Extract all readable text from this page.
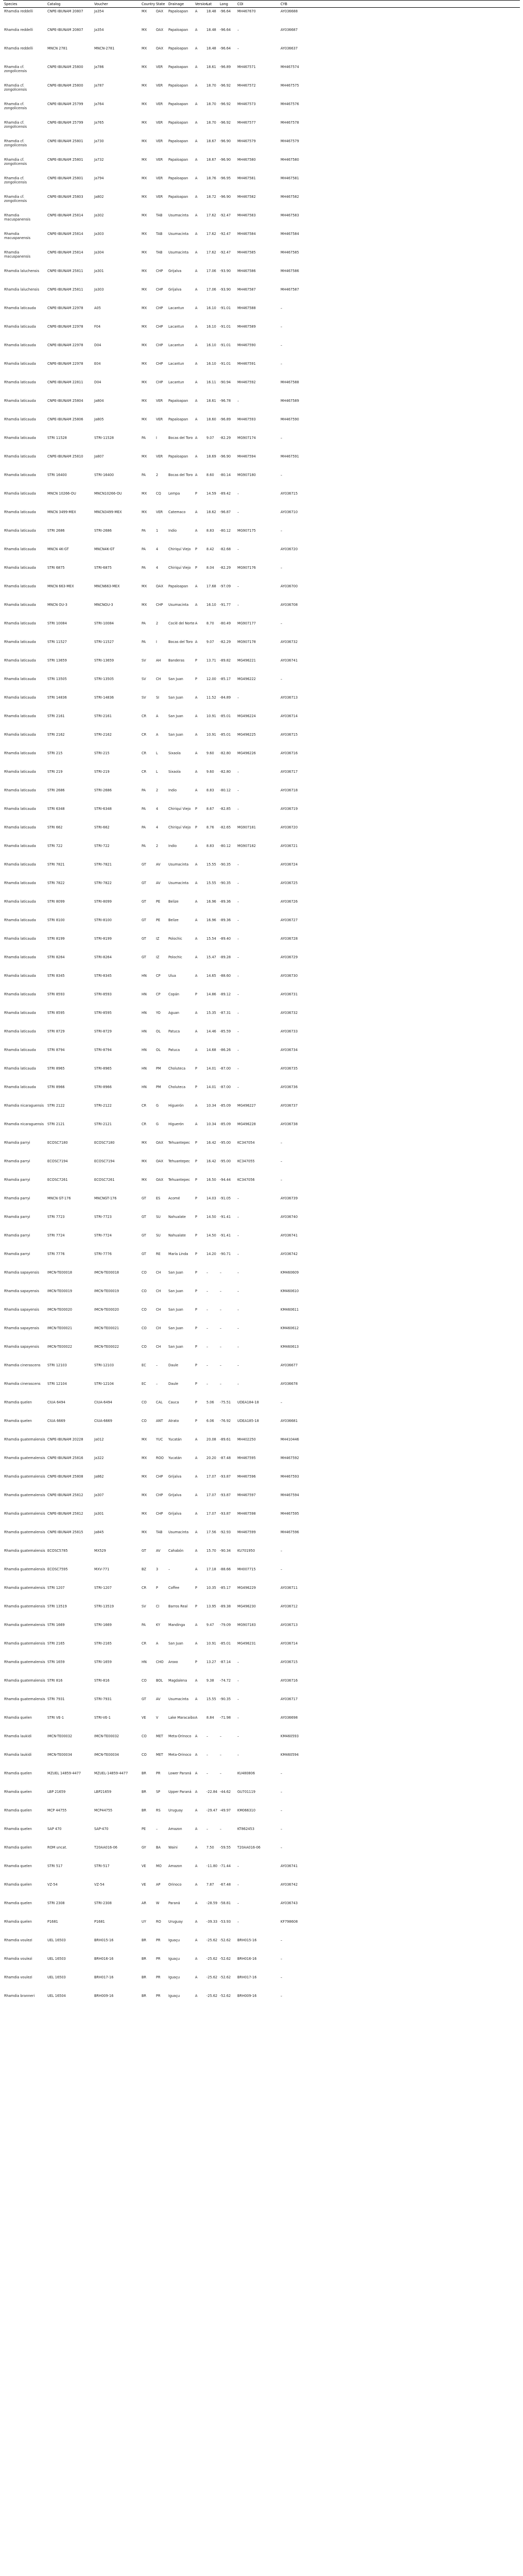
Species	Catalog	Voucher	Country	State	Drainage	Version	Lat	Long	COI	CYB
Rhamdia reddelli	CNPE-IBUNAM 20807	Ja354	MX	OAX	Papaloapan	A	18.48	-96.64	MH467670	AY036688
Rhamdia reddelli	CNPE-IBUNAM 20807	Ja354	MX	OAX	Papaloapan	A	18.48	-96.64	–	AY036687
Rhamdia reddelli	MNCN 2781	MNCN-2781	MX	OAX	Papaloapan	A	18.48	-96.64	–	AY036637
Rhamdia cf. zongolicensis	CNPE-IBUNAM 25800	Ja786	MX	VER	Papaloapan	A	18.61	-96.89	MH467571	MH467574
Rhamdia cf. zongolicensis	CNPE-IBUNAM 25800	Ja787	MX	VER	Papaloapan	A	18.70	-96.92	MH467572	MH467575
Rhamdia cf. zongolicensis	CNPE-IBUNAM 25799	Ja764	MX	VER	Papaloapan	A	18.70	-96.92	MH467573	MH467576
Rhamdia cf. zongolicensis	CNPE-IBUNAM 25799	Ja765	MX	VER	Papaloapan	A	18.70	-96.92	MH467577	MH467578
Rhamdia cf. zongolicensis	CNPE-IBUNAM 25801	Ja730	MX	VER	Papaloapan	A	18.67	-96.90	MH467579	MH467579
Rhamdia cf. zongolicensis	CNPE-IBUNAM 25801	Ja732	MX	VER	Papaloapan	A	18.67	-96.90	MH467580	MH467580
Rhamdia cf. zongolicensis	CNPE-IBUNAM 25801	Ja794	MX	VER	Papaloapan	A	18.76	-96.95	MH467581	MH467581
Rhamdia cf. zongolicensis	CNPE-IBUNAM 25803	Ja802	MX	VER	Papaloapan	A	18.72	-96.90	MH467582	MH467582
Rhamdia macuspanensis	CNPE-IBUNAM 25814	Ja302	MX	TAB	Usumacinta	A	17.62	-92.47	MH467583	MH467583
Rhamdia macuspanensis	CNPE-IBUNAM 25814	Ja303	MX	TAB	Usumacinta	A	17.62	-92.47	MH467584	MH467584
Rhamdia macuspanensis	CNPE-IBUNAM 25814	Ja304	MX	TAB	Usumacinta	A	17.62	-92.47	MH467585	MH467585
Rhamdia laluchensis	CNPE-IBUNAM 25811	Ja301	MX	CHP	Grijalva	A	17.06	-93.90	MH467586	MH467586
Rhamdia laluchensis	CNPE-IBUNAM 25811	Ja303	MX	CHP	Grijalva	A	17.06	-93.90	MH467587	MH467587
Rhamdia laticauda	CNPE-IBUNAM 22978	A05	MX	CHP	Lacantun	A	16.10	-91.01	MH467588	–
Rhamdia laticauda	CNPE-IBUNAM 22978	F04	MX	CHP	Lacantun	A	16.10	-91.01	MH467589	–
Rhamdia laticauda	CNPE-IBUNAM 22978	D04	MX	CHP	Lacantun	A	16.10	-91.01	MH467590	–
Rhamdia laticauda	CNPE-IBUNAM 22978	E04	MX	CHP	Lacantun	A	16.10	-91.01	MH467591	–
Rhamdia laticauda	CNPE-IBUNAM 22811	D04	MX	CHP	Lacantun	A	16.11	-90.94	MH467592	MH467588
Rhamdia laticauda	CNPE-IBUNAM 25804	Ja804	MX	VER	Papaloapan	A	18.61	-96.78	–	MH467589
Rhamdia laticauda	CNPE-IBUNAM 25806	Ja805	MX	VER	Papaloapan	A	18.60	-96.89	MH467593	MH467590
Rhamdia laticauda	STRI 11528	STRI-11528	PA	I	Bocas del Toro	A	9.07	-82.29	MG907174	–
Rhamdia laticauda	CNPE-IBUNAM 25810	Ja807	MX	VER	Papaloapan	A	18.69	-96.90	MH467594	MH467591
Rhamdia laticauda	STRI 16400	STRI-16400	PA	2	Bocas del Toro	A	8.60	-80.14	MG907180	–
Rhamdia laticauda	MNCN 10266-OU	MNCN10266-OU	MX	CQ	Lempa	P	14.59	-89.42	–	AY036715
Rhamdia laticauda	MNCN 3499-MEX	MNCN3499-MEX	MX	VER	Catemaco	A	18.62	-96.87	–	AY036710
Rhamdia laticauda	STRI 2686	STRI-2686	PA	1	Indio	A	8.83	-80.12	MG907175	–
Rhamdia laticauda	MNCN 4K-GT	MNCN4K-GT	PA	4	Chiriquí Viejo	P	8.42	-82.68	–	AY036720
Rhamdia laticauda	STRI 6875	STRI-6875	PA	4	Chiriquí Viejo	P	8.04	-82.29	MG907176	–
Rhamdia laticauda	MNCN 663-MEX	MNCN663-MEX	MX	OAX	Papaloapan	A	17.68	-97.09	–	AY036700
Rhamdia laticauda	MNCN OU-3	MNCNOU-3	MX	CHP	Usumacinta	A	16.10	-91.77	–	AY036708
Rhamdia laticauda	STRI 10084	STRI-10084	PA	2	Coclé del Norte	A	8.70	-80.49	MG907177	–
Rhamdia laticauda	STRI 11527	STRI-11527	PA	I	Bocas del Toro	A	9.07	-82.29	MG907178	AY036732
Rhamdia laticauda	STRI 13659	STRI-13659	SV	AH	Banderas	P	13.71	-89.82	MG496221	AY036741
Rhamdia laticauda	STRI 13505	STRI-13505	SV	CH	San Juan	P	12.00	-85.17	MG496222	–
Rhamdia laticauda	STRI 14836	STRI-14836	SV	SI	San Juan	A	11.52	-84.89	–	AY036713
Rhamdia laticauda	STRI 2161	STRI-2161	CR	A	San Juan	A	10.91	-85.01	MG496224	AY036714
Rhamdia laticauda	STRI 2162	STRI-2162	CR	A	San Juan	A	10.91	-85.01	MG496225	AY036715
Rhamdia laticauda	STRI 215	STRI-215	CR	L	Sixaola	A	9.60	-82.80	MG496226	AY036716
Rhamdia laticauda	STRI 219	STRI-219	CR	L	Sixaola	A	9.60	-82.80	–	AY036717
Rhamdia laticauda	STRI 2686	STRI-2686	PA	2	Indio	A	8.83	-80.12	–	AY036718
Rhamdia laticauda	STRI 6348	STRI-6348	PA	4	Chiriquí Viejo	P	8.67	-82.85	–	AY036719
Rhamdia laticauda	STRI 662	STRI-662	PA	4	Chiriquí Viejo	P	8.76	-82.65	MG907181	AY036720
Rhamdia laticauda	STRI 722	STRI-722	PA	2	Indio	A	8.83	-80.12	MG907182	AY036721
Rhamdia laticauda	STRI 7821	STRI-7821	GT	AV	Usumacinta	A	15.55	-90.35	–	AY036724
Rhamdia laticauda	STRI 7822	STRI-7822	GT	AV	Usumacinta	A	15.55	-90.35	–	AY036725
Rhamdia laticauda	STRI 8099	STRI-8099	GT	PE	Belize	A	16.96	-89.36	–	AY036726
Rhamdia laticauda	STRI 8100	STRI-8100	GT	PE	Belize	A	16.96	-89.36	–	AY036727
Rhamdia laticauda	STRI 8199	STRI-8199	GT	IZ	Polochic	A	15.54	-89.40	–	AY036728
Rhamdia laticauda	STRI 8264	STRI-8264	GT	IZ	Polochic	A	15.47	-89.28	–	AY036729
Rhamdia laticauda	STRI 8345	STRI-8345	HN	CP	Ulua	A	14.65	-88.60	–	AY036730
Rhamdia laticauda	STRI 8593	STRI-8593	HN	CP	Copán	P	14.86	-89.12	–	AY036731
Rhamdia laticauda	STRI 8595	STRI-8595	HN	YO	Aguan	A	15.35	-87.31	–	AY036732
Rhamdia laticauda	STRI 8729	STRI-8729	HN	OL	Patuca	A	14.46	-85.59	–	AY036733
Rhamdia laticauda	STRI 8794	STRI-8794	HN	OL	Patuca	A	14.68	-86.26	–	AY036734
Rhamdia laticauda	STRI 8965	STRI-8965	HN	PM	Choluteca	P	14.01	-87.00	–	AY036735
Rhamdia laticauda	STRI 8966	STRI-8966	HN	PM	Choluteca	P	14.01	-87.00	–	AY036736
Rhamdia nicaraguensis	STRI 2122	STRI-2122	CR	G	Higuerón	A	10.34	-85.09	MG496227	AY036737
Rhamdia nicaraguensis	STRI 2121	STRI-2121	CR	G	Higuerón	A	10.34	-85.09	MG496228	AY036738
Rhamdia parryi	ECOSC7180	ECOSC7180	MX	OAX	Tehuantepec	P	16.42	-95.00	KC347054	–
Rhamdia parryi	ECOSC7194	ECOSC7194	MX	OAX	Tehuantepec	P	16.42	-95.00	KC347055	–
Rhamdia parryi	ECOSC7261	ECOSC7261	MX	OAX	Tehuantepec	P	16.50	-94.44	KC347056	–
Rhamdia parryi	MNCN GT-176	MNCNGT-176	GT	ES	Acomé	P	14.03	-91.05	–	AY036739
Rhamdia parryi	STRI 7723	STRI-7723	GT	SU	Nahualate	P	14.50	-91.41	–	AY036740
Rhamdia parryi	STRI 7724	STRI-7724	GT	SU	Nahualate	P	14.50	-91.41	–	AY036741
Rhamdia parryi	STRI 7776	STRI-7776	GT	RE	María Linda	P	14.20	-90.71	–	AY036742
Rhamdia sapayensis	IMCN-TE00018	IMCN-TE00018	CO	CH	San Juan	P	–	–	–	KM460609
Rhamdia sapayensis	IMCN-TE00019	IMCN-TE00019	CO	CH	San Juan	P	–	–	–	KM460610
Rhamdia sapayensis	IMCN-TE00020	IMCN-TE00020	CO	CH	San Juan	P	–	–	–	KM460611
Rhamdia sapayensis	IMCN-TE00021	IMCN-TE00021	CO	CH	San Juan	P	–	–	–	KM460612
Rhamdia sapayensis	IMCN-TE00022	IMCN-TE00022	CO	CH	San Juan	P	–	–	–	KM460613
Rhamdia cinerascens	STRI 12103	STRI-12103	EC	–	Daule	P	–	–	–	AY036677
Rhamdia cinerascens	STRI 12104	STRI-12104	EC	–	Daule	P	–	–	–	AY036678
Rhamdia quelen	CIUA 6494	CIUA-6494	CO	CAL	Cauca	P	5.06	-75.51	UDEA184-18	–
Rhamdia quelen	CIUA 6669	CIUA-6669	CO	ANT	Atrato	P	6.06	-76.92	UDEA185-18	AY036681
Rhamdia guatemalensis	CNPE-IBUNAM 20228	Ja012	MX	YUC	Yucatán	A	20.08	-89.61	MH402250	MH410446
Rhamdia guatemalensis	CNPE-IBUNAM 25816	Ja322	MX	ROO	Yucatán	A	20.20	-87.48	MH467595	MH467592
Rhamdia guatemalensis	CNPE-IBUNAM 25808	Ja862	MX	CHP	Grijalva	A	17.07	-93.87	MH467596	MH467593
Rhamdia guatemalensis	CNPE-IBUNAM 25812	Ja307	MX	CHP	Grijalva	A	17.07	-93.87	MH467597	MH467594
Rhamdia guatemalensis	CNPE-IBUNAM 25812	Ja301	MX	CHP	Grijalva	A	17.07	-93.87	MH467598	MH467595
Rhamdia guatemalensis	CNPE-IBUNAM 25815	Ja845	MX	TAB	Usumacinta	A	17.56	-92.93	MH467599	MH467596
Rhamdia guatemalensis	ECOSC5785	MX529	GT	AV	Cahabón	A	15.70	-90.34	KU701950	–
Rhamdia guatemalensis	ECOSC7595	MXV-771	BZ	3	–	A	17.18	-88.66	MH007715	–
Rhamdia guatemalensis	STRI 1207	STRI-1207	CR	P	Coffee	P	10.35	-85.17	MG496229	AY036711
Rhamdia guatemalensis	STRI 13519	STRI-13519	SV	CI	Barros Real	P	13.95	-89.38	MG496230	AY036712
Rhamdia guatemalensis	STRI 1669	STRI-1669	PA	KY	Mandinga	A	9.47	-79.09	MG907183	AY036713
Rhamdia guatemalensis	STRI 2165	STRI-2165	CR	A	San Juan	A	10.91	-85.01	MG496231	AY036714
Rhamdia guatemalensis	STRI 1659	STRI-1659	HN	CHO	Aroxo	P	13.27	-87.14	–	AY036715
Rhamdia guatemalensis	STRI 816	STRI-816	CO	BOL	Magdalena	A	9.38	-74.72	–	AY036716
Rhamdia guatemalensis	STRI 7931	STRI-7931	GT	AV	Usumacinta	A	15.55	-90.35	–	AY036717
Rhamdia quelen	STRI VE-1	STRI-VE-1	VE	V	Lake Maracaibo	A	8.84	-71.98	–	AY036698
Rhamdia laukidi	IMCN-TE00032	IMCN-TE00032	CO	MET	Meta-Orinoco	A	–	–	–	KM460593
Rhamdia laukidi	IMCN-TE00034	IMCN-TE00034	CO	MET	Meta-Orinoco	A	–	–	–	KM460594
Rhamdia quelen	MZUEL 14859-4477	MZUEL-14859-4477	BR	PR	Lower Paraná	A	–	–	KU480806	–
Rhamdia quelen	LBP 21659	LBP21659	BR	SP	Upper Paraná	A	-22.84	-44.62	GU701119	–
Rhamdia quelen	MCP 44755	MCP44755	BR	RS	Uruguay	A	-29.47	-49.97	KM066310	–
Rhamdia quelen	SAP 470	SAP-470	PE	–	Amazon	A	–	–	KT862453	–
Rhamdia quelen	ROM uncat.	T20AA016-06	GY	BA	Waini	A	7.50	-59.55	T20AA016-06	–
Rhamdia quelen	STRI 517	STRI-517	VE	MO	Amazon	A	-11.80	-71.44	–	AY036741
Rhamdia quelen	VZ-54	VZ-54	VE	AP	Orinoco	A	7.87	-67.48	–	AY036742
Rhamdia quelen	STRI 2308	STRI-2308	AR	W	Paraná	A	-28.59	-58.81	–	AY036743
Rhamdia quelen	P1681	P1681	UY	RO	Uruguay	A	-39.33	-53.93	–	KF798608
Rhamdia voulezi	UEL 16503	BRH015-16	BR	PR	Iguaçu	A	-25.62	-52.62	BRH015-16	–
Rhamdia voulezi	UEL 16503	BRH016-16	BR	PR	Iguaçu	A	-25.62	-52.62	BRH016-16	–
Rhamdia voulezi	UEL 16503	BRH017-16	BR	PR	Iguaçu	A	-25.62	-52.62	BRH017-16	–
Rhamdia branneri	UEL 16504	BRH009-16	BR	PR	Iguaçu	A	-25.62	-52.62	BRH009-16	–
